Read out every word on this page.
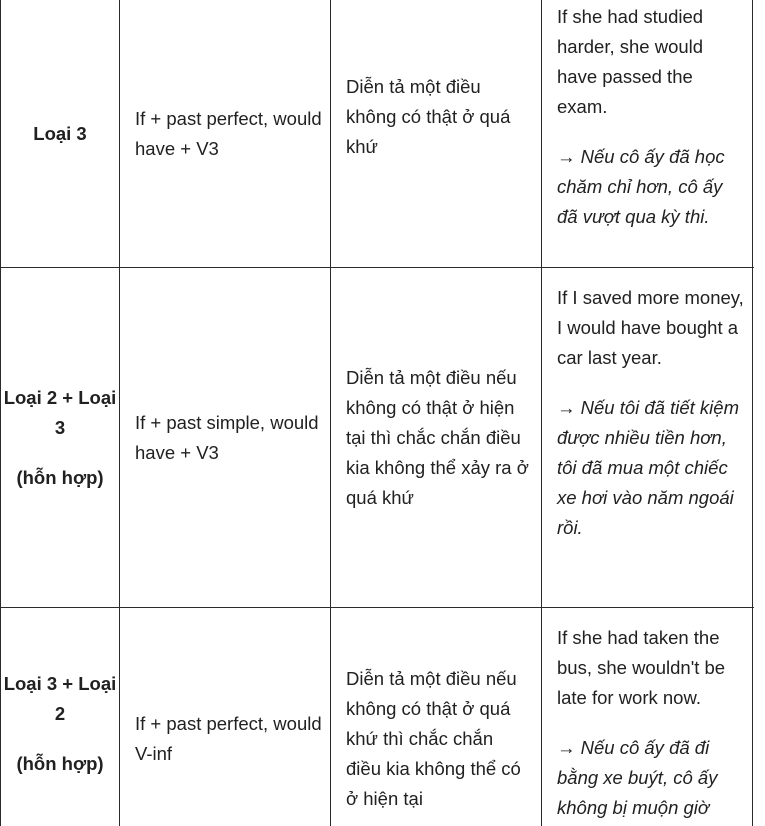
Loại 3
If + past perfect, would have + V3
Diễn tả một điều không có thật ở quá khứ

If she had studied harder, she would have passed the exam.

→ Nếu cô ấy đã học chăm chỉ hơn, cô ấy đã vượt qua kỳ thi.

Loại 2 + Loại 3
(hỗn hợp)
If + past simple, would have + V3
Diễn tả một điều nếu không có thật ở hiện tại thì chắc chắn điều kia không thể xảy ra ở quá khứ

If I saved more money, I would have bought a car last year.

→ Nếu tôi đã tiết kiệm được nhiều tiền hơn, tôi đã mua một chiếc xe hơi vào năm ngoái rồi.

Loại 3 + Loại 2
(hỗn hợp)
If + past perfect, would V-inf
Diễn tả một điều nếu không có thật ở quá khứ thì chắc chắn điều kia không thể có ở hiện tại

If she had taken the bus, she wouldn't be late for work now.

→ Nếu cô ấy đã đi bằng xe buýt, cô ấy không bị muộn giờ
